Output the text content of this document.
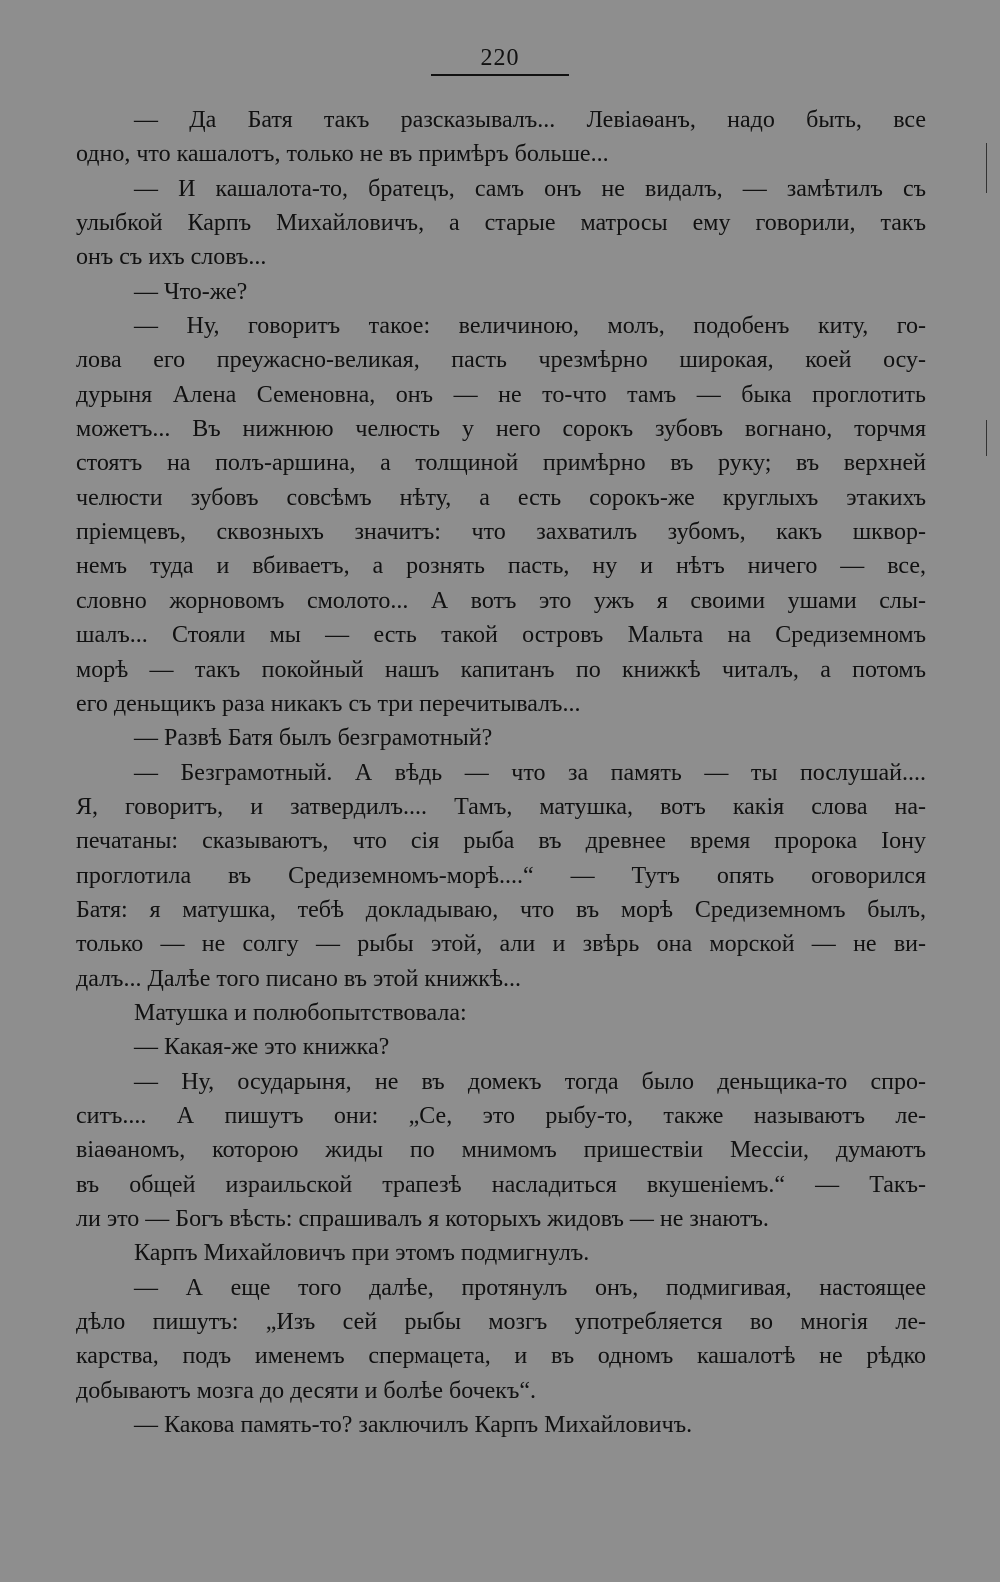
220
— Да Батя такъ разсказывалъ... Левіаѳанъ, надо быть, все
одно, что кашалотъ, только не въ примѣръ больше...
— И кашалота-то, братецъ, самъ онъ не видалъ, — замѣтилъ съ
улыбкой Карпъ Михайловичъ, а старые матросы ему говорили, такъ
онъ съ ихъ словъ...
— Что-же?
— Ну, говоритъ такое: величиною, молъ, подобенъ киту, го-
лова его преужасно-великая, пасть чрезмѣрно широкая, коей осу-
дурыня Алена Семеновна, онъ — не то-что тамъ — быка проглотить
можетъ... Въ нижнюю челюсть у него сорокъ зубовъ вогнано, торчмя
стоятъ на полъ-аршина, а толщиной примѣрно въ руку; въ верхней
челюсти зубовъ совсѣмъ нѣту, а есть сорокъ-же круглыхъ этакихъ
пріемцевъ, сквозныхъ значитъ: что захватилъ зубомъ, какъ шквор-
немъ туда и вбиваетъ, а рознять пасть, ну и нѣтъ ничего — все,
словно жорновомъ смолото... А вотъ это ужъ я своими ушами слы-
шалъ... Стояли мы — есть такой островъ Мальта на Средиземномъ
морѣ — такъ покойный нашъ капитанъ по книжкѣ читалъ, а потомъ
его деньщикъ раза никакъ съ три перечитывалъ...
— Развѣ Батя былъ безграмотный?
— Безграмотный. А вѣдь — что за память — ты послушай....
Я, говоритъ, и затвердилъ.... Тамъ, матушка, вотъ какія слова на-
печатаны: сказываютъ, что сія рыба въ древнее время пророка Іону
проглотила въ Средиземномъ-морѣ....“ — Тутъ опять оговорился
Батя: я матушка, тебѣ докладываю, что въ морѣ Средиземномъ былъ,
только — не солгу — рыбы этой, али и звѣрь она морской — не ви-
далъ... Далѣе того писано въ этой книжкѣ...
Матушка и полюбопытствовала:
— Какая-же это книжка?
— Ну, осударыня, не въ домекъ тогда было деньщика-то спро-
ситъ.... А пишутъ они: „Се, это рыбу-то, также называютъ ле-
віаѳаномъ, которою жиды по мнимомъ пришествіи Мессіи, думаютъ
въ общей израильской трапезѣ насладиться вкушеніемъ.“ — Такъ-
ли это — Богъ вѣсть: спрашивалъ я которыхъ жидовъ — не знаютъ.
Карпъ Михайловичъ при этомъ подмигнулъ.
— А еще того далѣе, протянулъ онъ, подмигивая, настоящее
дѣло пишутъ: „Изъ сей рыбы мозгъ употребляется во многія ле-
карства, подъ именемъ спермацета, и въ одномъ кашалотѣ не рѣдко
добываютъ мозга до десяти и болѣе бочекъ“.
— Какова память-то? заключилъ Карпъ Михайловичъ.
